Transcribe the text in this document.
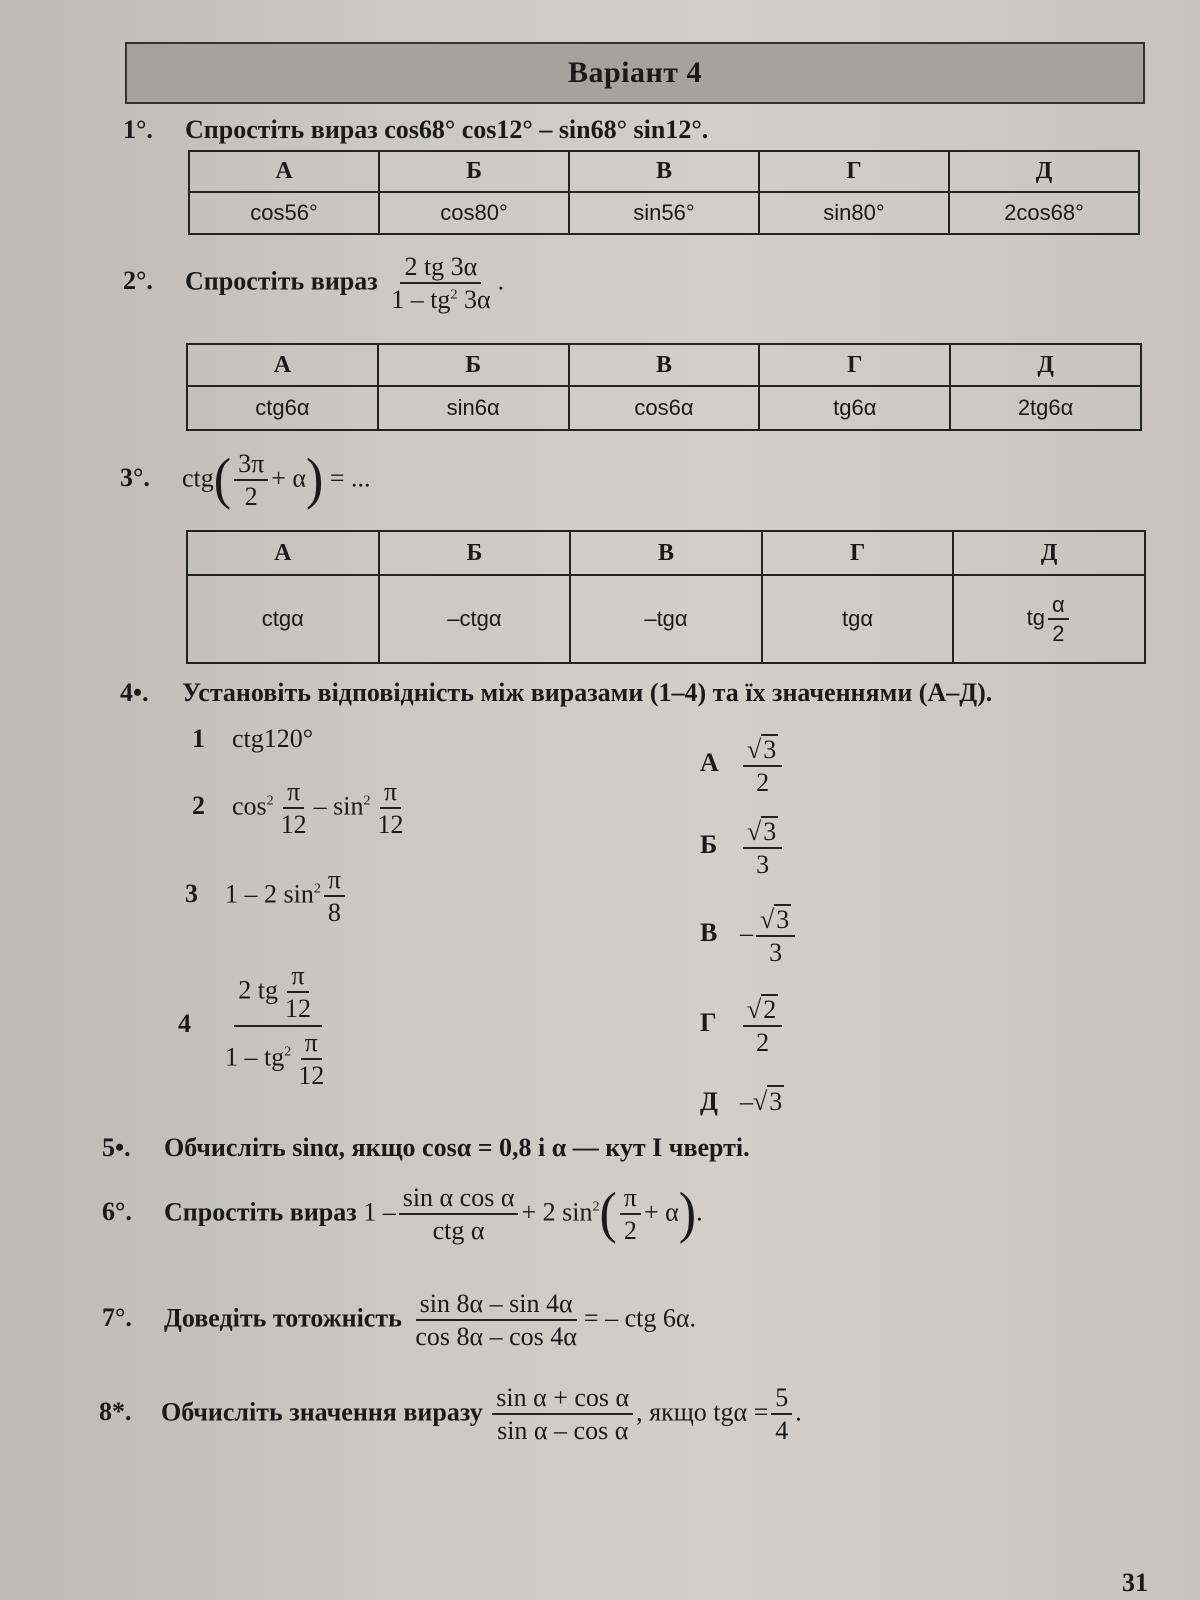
Варіант 4
1°. Спростіть вираз cos68° cos12° – sin68° sin12°.
А	Б	В	Г	Д
cos56°	cos80°	sin56°	sin80°	2cos68°
2°. Спростіть вираз $\frac{2 tg 3\alpha}{1 - tg^2 3\alpha}$ .
А	Б	В	Г	Д
ctg6α	sin6α	cos6α	tg6α	2tg6α
3°. $ctg( \frac{3\pi}{2} + \alpha)$ = ...
А	Б	В	Г	Д
ctgα	–ctgα	–tgα	tgα	tg $\frac{\alpha}{2}$
4•. Установіть відповідність між виразами (1–4) та їх значеннями (А–Д).
1 ctg120°
2 $\cos^2 \frac{\pi}{12} - \sin^2 \frac{\pi}{12}$
3 1 – 2 $\sin^2 \frac{\pi}{8}$
$4 \frac{2 tg \frac{\pi}{12}}{1 - tg^2 \frac{\pi}{12}}$
А $\frac{√3}{2}$
Б $\frac{√3}{3}$
В – $\frac{√3}{3}$
Г $\frac{√2}{2}$
Д –√3
5•. Обчисліть sinα, якщо cosα = 0,8 і α — кут I чверті.
6°. Спростіть вираз $1 - \frac{\text{sin α cos α}}{\text{ctg α}} + 2$ $\sin^2( \frac{\pi}{2} + \alpha)$.
7°. Доведіть тотожність $\frac{\sin 8\alpha - \sin 4\alpha}{\cos 8\alpha - \cos 4\alpha}$ = – ctg 6α.
8*. Обчисліть значення виразу $\frac{\text{sin α + cos α}}{\text{sin α – cos α}}$ , якщо $tg\alpha = \frac{5}{4}$ .
31
